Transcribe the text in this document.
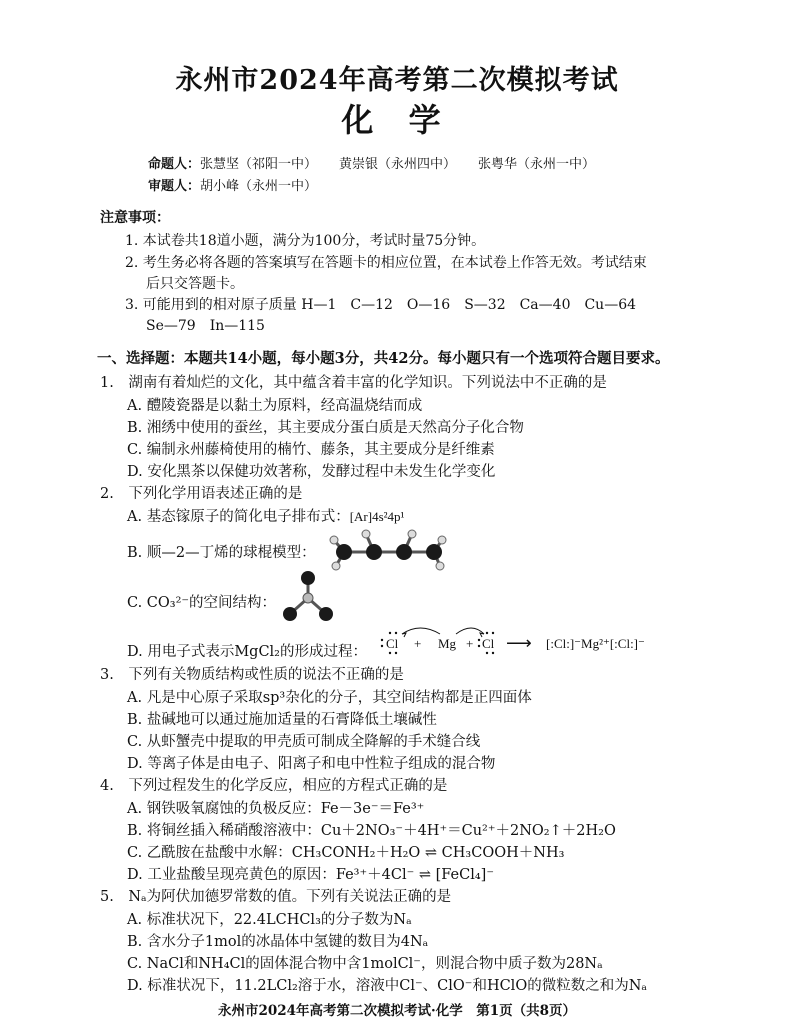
永州市2024年高考第二次模拟考试
化 学
命题人：张慧坚（祁阳一中） 黄崇银（永州四中） 张粤华（永州一中）
审题人：胡小峰（永州一中）
注意事项：
1. 本试卷共18道小题，满分为100分，考试时量75分钟。
2. 考生务必将各题的答案填写在答题卡的相应位置，在本试卷上作答无效。考试结束
后只交答题卡。
3. 可能用到的相对原子质量 H—1　C—12　O—16　S—32　Ca—40　Cu—64
Se—79　In—115
一、选择题：本题共14小题，每小题3分，共42分。每小题只有一个选项符合题目要求。
1.　湖南有着灿烂的文化，其中蕴含着丰富的化学知识。下列说法中不正确的是
A. 醴陵瓷器是以黏土为原料，经高温烧结而成
B. 湘绣中使用的蚕丝，其主要成分蛋白质是天然高分子化合物
C. 编制永州藤椅使用的楠竹、藤条，其主要成分是纤维素
D. 安化黑茶以保健功效著称，发酵过程中未发生化学变化
2.　下列化学用语表述正确的是
A. 基态镓原子的简化电子排布式：[Ar]4s²4p¹
B. 顺—2—丁烯的球棍模型：
C. CO₃²⁻的空间结构：
D. 用电子式表示MgCl₂的形成过程：
Cl + Mg + Cl ⟶ [:Cl:]⁻Mg²⁺[:Cl:]⁻
3.　下列有关物质结构或性质的说法不正确的是
A. 凡是中心原子采取sp³杂化的分子，其空间结构都是正四面体
B. 盐碱地可以通过施加适量的石膏降低土壤碱性
C. 从虾蟹壳中提取的甲壳质可制成全降解的手术缝合线
D. 等离子体是由电子、阳离子和电中性粒子组成的混合物
4.　下列过程发生的化学反应，相应的方程式正确的是
A. 钢铁吸氧腐蚀的负极反应：Fe－3e⁻＝Fe³⁺
B. 将铜丝插入稀硝酸溶液中：Cu＋2NO₃⁻＋4H⁺＝Cu²⁺＋2NO₂↑＋2H₂O
C. 乙酰胺在盐酸中水解：CH₃CONH₂＋H₂O ⇌ CH₃COOH＋NH₃
D. 工业盐酸呈现亮黄色的原因：Fe³⁺＋4Cl⁻ ⇌ [FeCl₄]⁻
5.　Nₐ为阿伏加德罗常数的值。下列有关说法正确的是
A. 标准状况下，22.4LCHCl₃的分子数为Nₐ
B. 含水分子1mol的冰晶体中氢键的数目为4Nₐ
C. NaCl和NH₄Cl的固体混合物中含1molCl⁻，则混合物中质子数为28Nₐ
D. 标准状况下，11.2LCl₂溶于水，溶液中Cl⁻、ClO⁻和HClO的微粒数之和为Nₐ
永州市2024年高考第二次模拟考试·化学　第1页（共8页）
